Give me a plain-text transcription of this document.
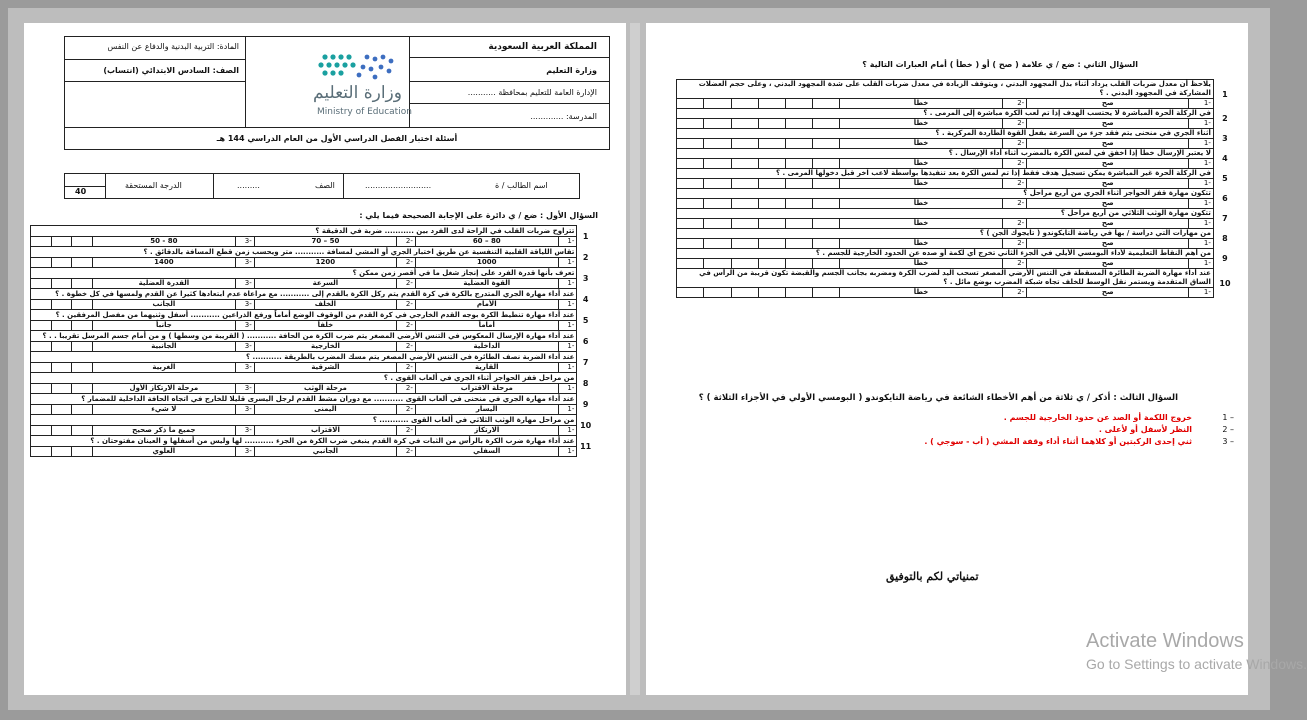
المملكة العربية السعودية
وزارة التعليم
الإدارة العامة للتعليم بمحافظة ...........
المدرسة: .............
المادة: التربية البدنية والدفاع عن النفس
الصف: السادس الابتدائي (انتساب)
وزارة التعليم
Ministry of Education
أسئلة اختبار الفصل الدراسي الأول من العام الدراسي 144 هـ
40
الدرجة المستحقة	.........	الصف	..........................	اسم الطالب / ة
السؤال الأول : ضع / ي دائرة على الإجابة الصحيحة فيما يلي :
1	تتراوح ضربات القلب في الراحة لدى الفرد بين ........... ضربة في الدقيقة ؟								
	-1	80 – 60	-2	50 – 70	-3	80 - 50			
2	تقاس اللياقة القلبية التنفسية عن طريق اختبار الجري أو المشي لمسافة ........... متر ويحسب زمن قطع المسافة بالدقائق . ؟								
	-1	1000	-2	1200	-3	1400			
3	تعرف بأنها قدرة الفرد على إنجاز شغل ما في أقصر زمن ممكن ؟								
	-1	القوة العضلية	-2	السرعة	-3	القدرة العضلية			
4	عند أداء مهارة الجري المتدرج بالكرة في كرة القدم يتم ركل الكرة بالقدم إلى ........... مع مراعاة عدم ابتعادها كثيرا عن القدم ولمسها في كل خطوة . ؟								
	-1	الأمام	-2	الخلف	-3	الجانب			
5	عند أداء مهارة تنطيط الكرة بوجه القدم الخارجي في كرة القدم من الوقوف الوضع أماماً ورفع الذراعين ........... أسفل وثنيهما من مفصل المرفقين . ؟								
	-1	أماماً	-2	خلفاً	-3	جانباً			
6	عند أداء مهارة الإرسال المعكوس في التنس الأرضي المصغر يتم ضرب الكرة من الحافة ........... ( القريبة من وسطها ) و من أمام جسم المرسل تقريبا . . ؟								
	-1	الداخلية	-2	الخارجية	-3	الجانبية			
7	عند أداء الضربة نصف الطائرة في التنس الأرضي المصغر يتم مسك المضرب بالطريقة ........... ؟								
	-1	القارية	-2	الشرقية	-3	الغربية			
8	من مراحل قفز الحواجز أثناء الجري في ألعاب القوى . ؟								
	-1	مرحلة الاقتراب	-2	مرحلة الوثب	-3	مرحلة الارتكاز الأول			
9	عند أداء مهارة الجري في منحنى في ألعاب القوى ........... مع دوران مشط القدم لرجل اليسرى قليلا للخارج في اتجاه الحافة الداخلية للمضمار ؟								
	-1	اليسار	-2	اليمنى	-3	لا شيء			
10	من مراحل مهارة الوثب الثلاثي في ألعاب القوى ........... ؟								
	-1	الارتكاز	-2	الاقتراب	-3	جميع ما ذكر صحيح			
11	عند أداء مهارة ضرب الكرة بالرأس من الثبات في كرة القدم ينبغي ضرب الكرة من الجزء ........... لها وليس من أسفلها و العينان مفتوحتان . ؟								
	-1	السفلي	-2	الجانبي	-3	العلوي			
السؤال الثاني : ضع / ي علامة ( صح ) أو ( خطأ ) أمام العبارات التالية ؟
1	يلاحظ أن معدل ضربات القلب يزداد أثناء بذل المجهود البدني ، ويتوقف الزيادة في معدل ضربات القلب على شدة المجهود البدني ، وعلى حجم العضلات المشاركة في المجهود البدني . ؟									
	-1	صح	-2	خطأ						
2	في الركلة الحرة المباشرة لا يحتسب الهدف إذا تم لعب الكرة مباشرة إلى المرمى . ؟									
	-1	صح	-2	خطأ						
3	أثناء الجري في منحنى يتم فقد جزء من السرعة بفعل القوة الطاردة المركزية . ؟									
	-1	صح	-2	خطأ						
4	لا يعتبر الإرسال خطأ إذا اخفق في لمس الكرة بالمضرب أثناء أداء الإرسال . ؟									
	-1	صح	-2	خطأ						
5	في الركلة الحرة غير المباشرة يمكن تسجيل هدف فقط إذا تم لمس الكرة بعد تنفيذها بواسطة لاعب آخر قبل دخولها المرمى . ؟									
	-1	صح	-2	خطأ						
6	تتكون مهارة قفز الحواجز أثناء الجري من أربع مراحل ؟									
	-1	صح	-2	خطأ						
7	تتكون مهارة الوثب الثلاثي من أربع مراحل ؟									
	-1	صح	-2	خطأ						
8	من مهارات التي دراسة / بها في رياضة التايكوندو ( تايجوك الجن ) ؟									
	-1	صح	-2	خطأ						
9	من أهم النقاط التعليمية لأداء البومسي الأيلي في الجزء الثاني تخرج أي لكمة أو صده عن الحدود الخارجية للجسم . ؟									
	-1	صح	-2	خطأ						
10	عند أداء مهارة الضربة الطائرة المسقطة في التنس الأرضي المصغر تسحب اليد لضرب الكرة ومضربه بجانب الجسم والقبضة تكون قريبة من الرأس في الساق المتقدمة ويستمر نقل الوسط للخلف تجاه شبكة المضرب بوضع مائل . ؟									
	-1	صح	-2	خطأ						
السؤال الثالث : أذكر / ي ثلاثة من أهم الأخطاء الشائعة في رياضة التايكوندو ( البومسي الأولي في الأجزاء الثلاثة ) ؟
خروج اللكمة أو الصد عن حدود الخارجية للجسم .	– 1
النظر لأسفل أو لأعلى .	– 2
ثني إحدى الركبتين أو كلاهما أثناء أداء وقفة المشي ( أب - سوجي ) .	– 3
تمنياتي لكم بالتوفيق
Activate Windows
Go to Settings to activate Windows.
